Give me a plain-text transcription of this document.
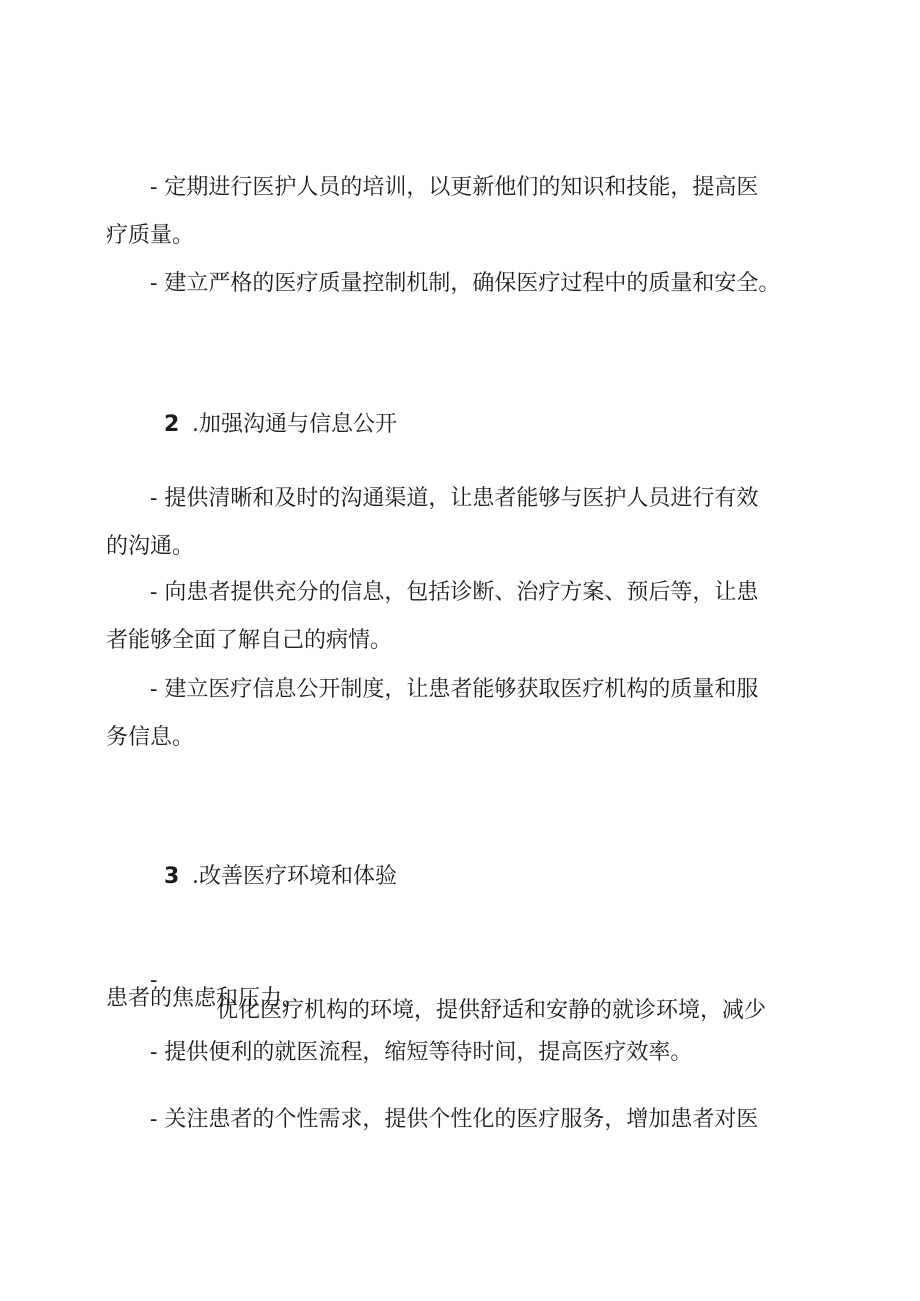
- 定期进行医护人员的培训，以更新他们的知识和技能，提高医
疗质量。
- 建立严格的医疗质量控制机制，确保医疗过程中的质量和安全。

2 .加强沟通与信息公开

- 提供清晰和及时的沟通渠道，让患者能够与医护人员进行有效
的沟通。
- 向患者提供充分的信息，包括诊断、治疗方案、预后等，让患
者能够全面了解自己的病情。
- 建立医疗信息公开制度，让患者能够获取医疗机构的质量和服
务信息。

3 .改善医疗环境和体验

-

优化医疗机构的环境，提供舒适和安静的就诊环境，减少

患者的焦虑和压力。
- 提供便利的就医流程，缩短等待时间，提高医疗效率。
- 关注患者的个性需求，提供个性化的医疗服务，增加患者对医
